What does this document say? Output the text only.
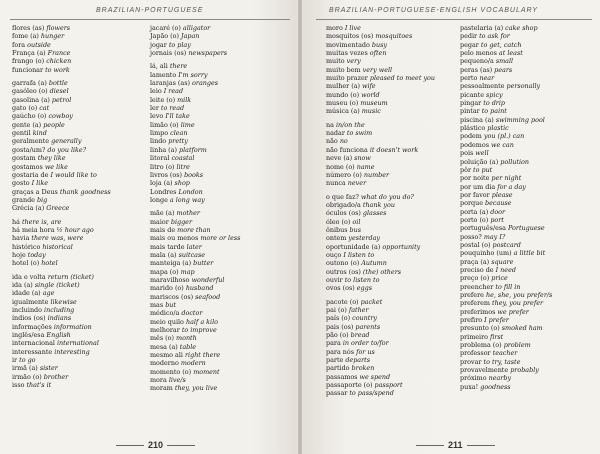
BRAZILIAN-PORTUGUESE
flores (as) flowers
fome (a) hunger
fora outside
França (a) France
frango (o) chicken
funcionar to work
garrafa (a) bottle
gasóleo (o) diesel
gasolina (a) petrol
gato (o) cat
gaúcho (o) cowboy
gente (a) people
gentil kind
geralmente generally
gosta/um? do you like?
gostam they like
gostamos we like
gostaria de I would like to
gosto I like
graças a Deus thank goodness
grande big
Grécia (a) Greece
há there is, are
há meia hora ½ hour ago
havia there was, were
histórico historical
hoje today
hotel (o) hotel
ida e volta return (ticket)
ida (a) single (ticket)
idade (a) age
igualmente likewise
incluindo including
índios (os) indians
informações information
inglês/esa English
internacional international
interessante interesting
ir to go
irmã (a) sister
irmão (o) brother
isso that's it
jacaré (o) alligator
Japão (o) Japan
jogar to play
jornais (os) newspapers
lá, ali there
lamento I'm sorry
laranjas (as) oranges
leio I read
leite (o) milk
ler to read
levo I'll take
limão (o) lime
limpo clean
lindo pretty
linha (a) platform
litoral coastal
litro (o) litre
livros (os) books
loja (a) shop
Londres London
longe a long way
mãe (a) mother
maior bigger
mais de more than
mais ou menos more or less
mais tarde later
mala (a) suitcase
manteiga (a) butter
mapa (o) map
maravilhoso wonderful
marido (o) husband
mariscos (os) seafood
mas but
médico/a doctor
meio quilo half a kilo
melhorar to improve
mês (o) month
mesa (a) table
mesmo ali right there
moderno modern
momento (o) moment
mora live/s
moram they, you live
210
BRAZILIAN-PORTUGUESE-ENGLISH VOCABULARY
moro I live
mosquitos (os) mosquitoes
movimentado busy
muitas vezes often
muito very
muito bem very well
muito prazer pleased to meet you
mulher (a) wife
mundo (o) world
museu (o) museum
música (a) music
na in/on the
nadar to swim
não no
não funciona it doesn't work
neve (a) snow
nome (o) name
número (o) number
nunca never
o que faz? what do you do?
obrigado/a thank you
óculos (os) glasses
óleo (o) oil
ônibus bus
ontem yesterday
oportunidade (a) opportunity
ouço I listen to
outono (o) Autumn
outros (os) (the) others
ouvir to listen to
ovos (os) eggs
pacote (o) packet
pai (o) father
país (o) country
pais (os) parents
pão (o) bread
para in order to/for
para nós for us
parte departs
partido broken
passamos we spend
passaporte (o) passport
passar to pass/spend
pastelaria (a) cake shop
pedir to ask for
pegar to get, catch
pelo menos at least
pequeno/a small
peras (as) pears
perto near
pessoalmente personally
picante spicy
pingar to drip
pintar to paint
piscina (a) swimming pool
plástico plastic
podem you (pl.) can
podemos we can
pois well
poluição (a) pollution
pôr to put
por noite per night
por um dia for a day
por favor please
porque because
porta (a) door
porto (o) port
português/esa Portuguese
posso? may I?
postal (o) postcard
pouquinho (um) a little bit
praça (a) square
preciso de I need
preço (o) price
preencher to fill in
prefere he, she, you prefer/s
preferem they, you prefer
preferimos we prefer
prefiro I prefer
presunto (o) smoked ham
primeiro first
problema (o) problem
professor teacher
provar to try, taste
provavelmente probably
próximo nearby
puxa! goodness
211
